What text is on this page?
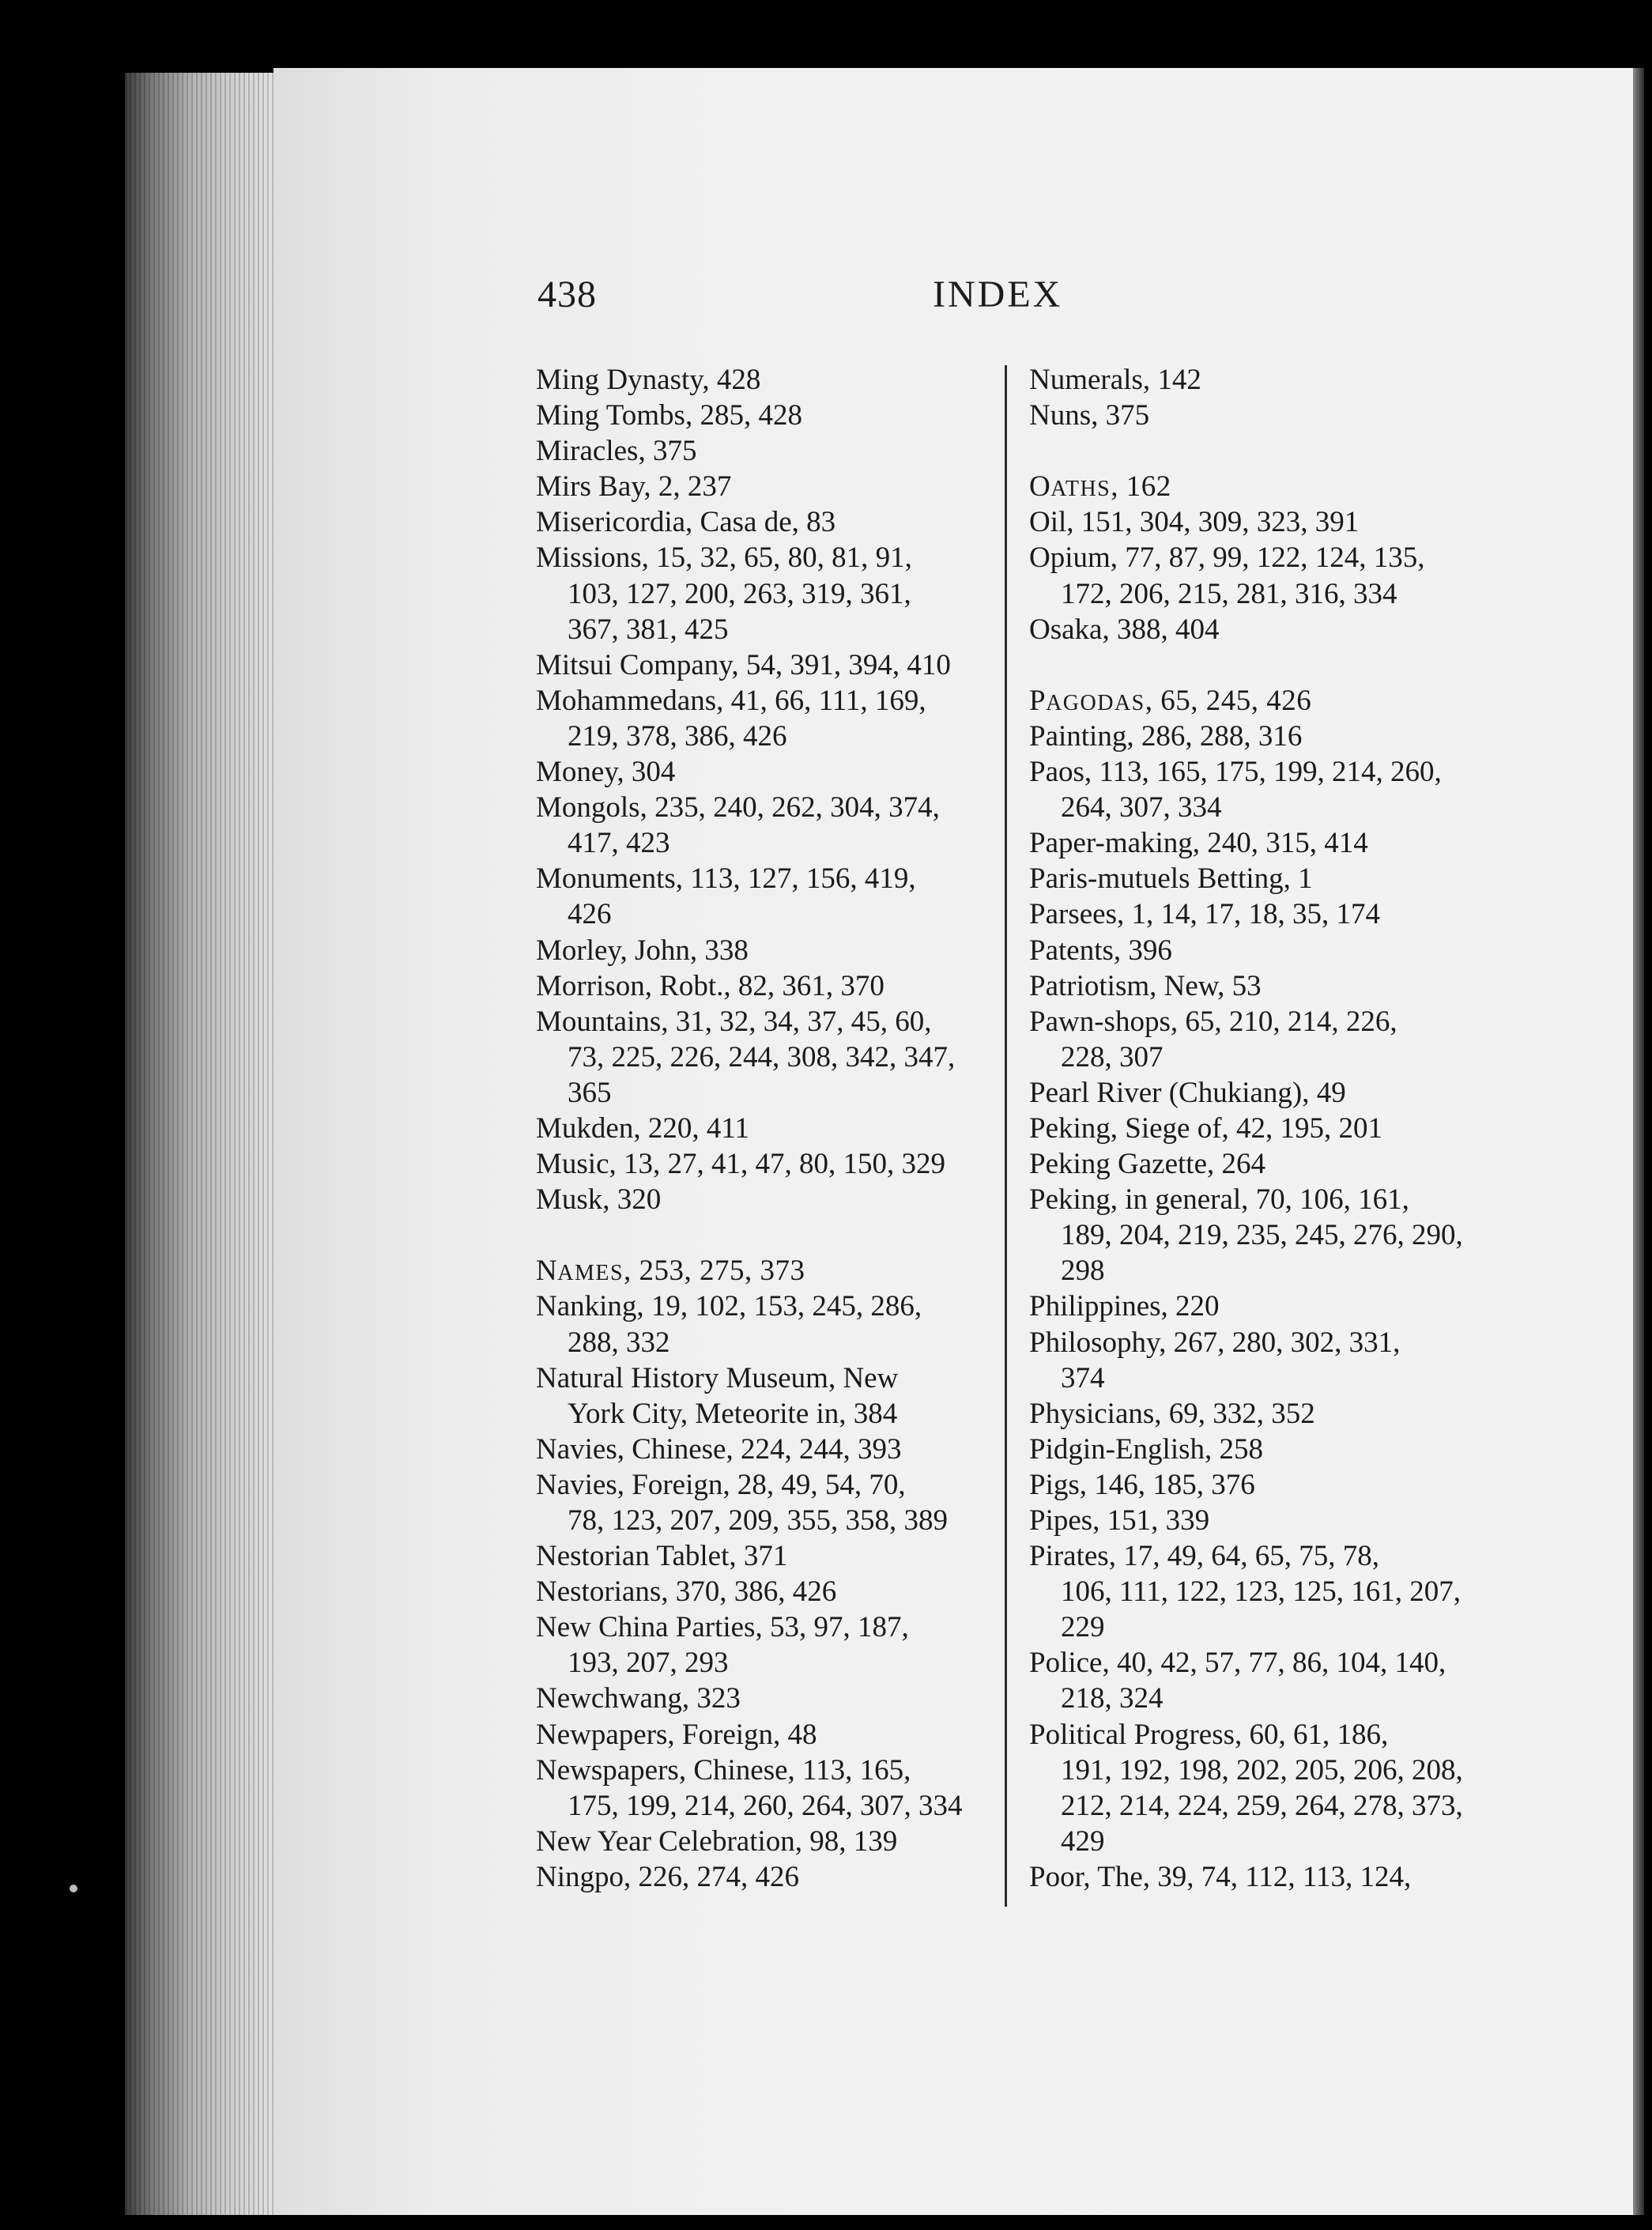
438	INDEX
Ming Dynasty, 428
Ming Tombs, 285, 428
Miracles, 375
Mirs Bay, 2, 237
Misericordia, Casa de, 83
Missions, 15, 32, 65, 80, 81, 91,
103, 127, 200, 263, 319, 361,
367, 381, 425
Mitsui Company, 54, 391, 394, 410
Mohammedans, 41, 66, 111, 169,
219, 378, 386, 426
Money, 304
Mongols, 235, 240, 262, 304, 374,
417, 423
Monuments, 113, 127, 156, 419,
426
Morley, John, 338
Morrison, Robt., 82, 361, 370
Mountains, 31, 32, 34, 37, 45, 60,
73, 225, 226, 244, 308, 342, 347,
365
Mukden, 220, 411
Music, 13, 27, 41, 47, 80, 150, 329
Musk, 320
NAMES, 253, 275, 373
Nanking, 19, 102, 153, 245, 286,
288, 332
Natural History Museum, New
York City, Meteorite in, 384
Navies, Chinese, 224, 244, 393
Navies, Foreign, 28, 49, 54, 70,
78, 123, 207, 209, 355, 358, 389
Nestorian Tablet, 371
Nestorians, 370, 386, 426
New China Parties, 53, 97, 187,
193, 207, 293
Newchwang, 323
Newpapers, Foreign, 48
Newspapers, Chinese, 113, 165,
175, 199, 214, 260, 264, 307, 334
New Year Celebration, 98, 139
Ningpo, 226, 274, 426
Numerals, 142
Nuns, 375
OATHS, 162
Oil, 151, 304, 309, 323, 391
Opium, 77, 87, 99, 122, 124, 135,
172, 206, 215, 281, 316, 334
Osaka, 388, 404
PAGODAS, 65, 245, 426
Painting, 286, 288, 316
Paos, 113, 165, 175, 199, 214, 260,
264, 307, 334
Paper-making, 240, 315, 414
Paris-mutuels Betting, 1
Parsees, 1, 14, 17, 18, 35, 174
Patents, 396
Patriotism, New, 53
Pawn-shops, 65, 210, 214, 226,
228, 307
Pearl River (Chukiang), 49
Peking, Siege of, 42, 195, 201
Peking Gazette, 264
Peking, in general, 70, 106, 161,
189, 204, 219, 235, 245, 276, 290,
298
Philippines, 220
Philosophy, 267, 280, 302, 331,
374
Physicians, 69, 332, 352
Pidgin-English, 258
Pigs, 146, 185, 376
Pipes, 151, 339
Pirates, 17, 49, 64, 65, 75, 78,
106, 111, 122, 123, 125, 161, 207,
229
Police, 40, 42, 57, 77, 86, 104, 140,
218, 324
Political Progress, 60, 61, 186,
191, 192, 198, 202, 205, 206, 208,
212, 214, 224, 259, 264, 278, 373,
429
Poor, The, 39, 74, 112, 113, 124,
